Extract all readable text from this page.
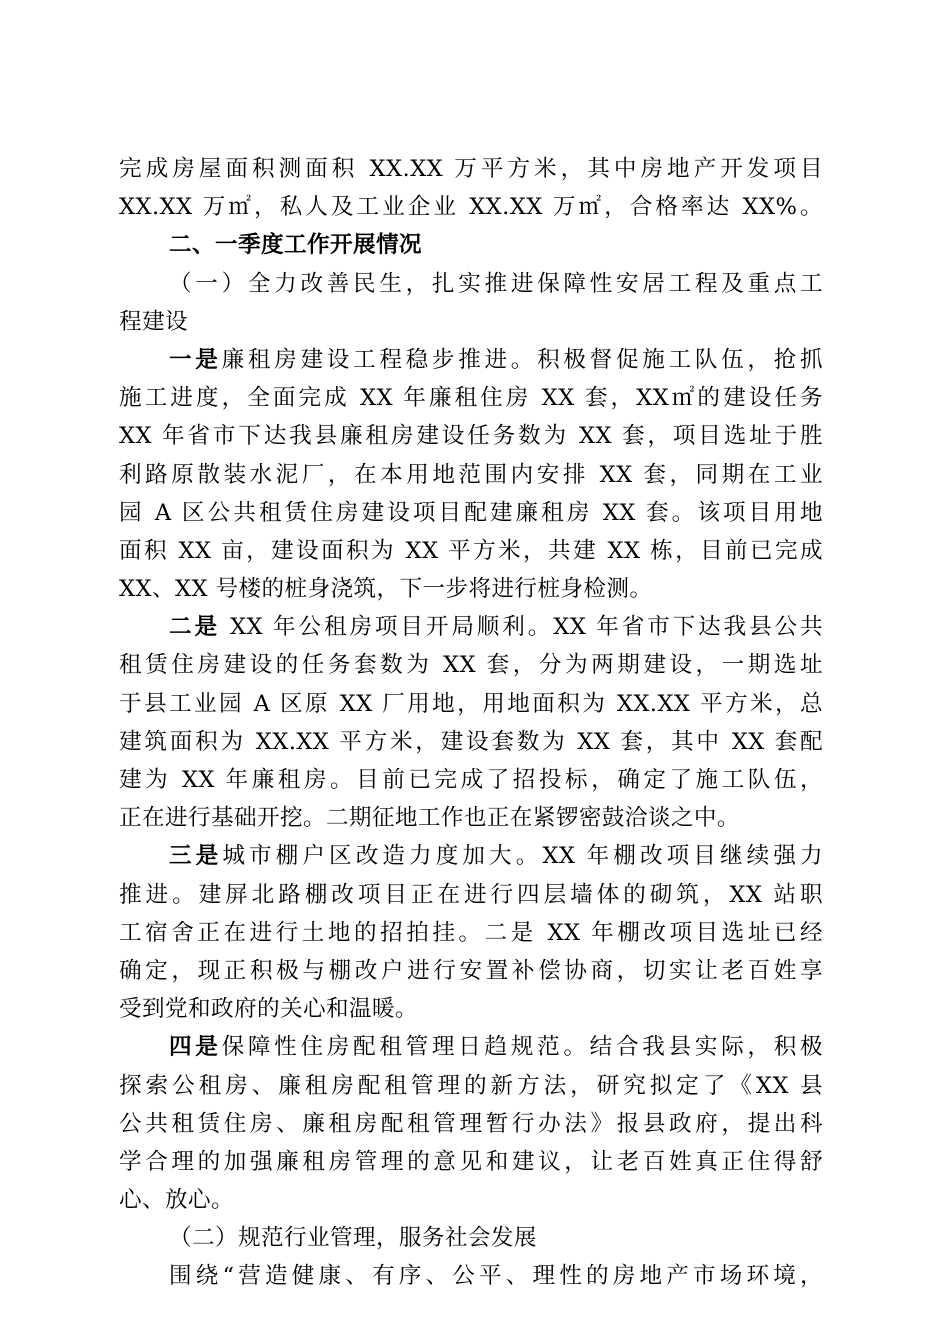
完成房屋面积测面积 XX.XX 万平方米，其中房地产开发项目
XX.XX 万㎡，私人及工业企业 XX.XX 万㎡，合格率达 XX%。
二、一季度工作开展情况
（一）全力改善民生，扎实推进保障性安居工程及重点工
程建设
一是廉租房建设工程稳步推进。积极督促施工队伍，抢抓
施工进度，全面完成 XX 年廉租住房 XX 套，XX㎡的建设任务
XX 年省市下达我县廉租房建设任务数为 XX 套，项目选址于胜
利路原散装水泥厂，在本用地范围内安排 XX 套，同期在工业
园 A 区公共租赁住房建设项目配建廉租房 XX 套。该项目用地
面积 XX 亩，建设面积为 XX 平方米，共建 XX 栋，目前已完成
XX、XX 号楼的桩身浇筑，下一步将进行桩身检测。
二是 XX 年公租房项目开局顺利。XX 年省市下达我县公共
租赁住房建设的任务套数为 XX 套，分为两期建设，一期选址
于县工业园 A 区原 XX 厂用地，用地面积为 XX.XX 平方米，总
建筑面积为 XX.XX 平方米，建设套数为 XX 套，其中 XX 套配
建为 XX 年廉租房。目前已完成了招投标，确定了施工队伍，
正在进行基础开挖。二期征地工作也正在紧锣密鼓洽谈之中。
三是城市棚户区改造力度加大。XX 年棚改项目继续强力
推进。建屏北路棚改项目正在进行四层墙体的砌筑，XX 站职
工宿舍正在进行土地的招拍挂。二是 XX 年棚改项目选址已经
确定，现正积极与棚改户进行安置补偿协商，切实让老百姓享
受到党和政府的关心和温暖。
四是保障性住房配租管理日趋规范。结合我县实际，积极
探索公租房、廉租房配租管理的新方法，研究拟定了《XX 县
公共租赁住房、廉租房配租管理暂行办法》报县政府，提出科
学合理的加强廉租房管理的意见和建议，让老百姓真正住得舒
心、放心。
（二）规范行业管理，服务社会发展
围绕“营造健康、有序、公平、理性的房地产市场环境，
